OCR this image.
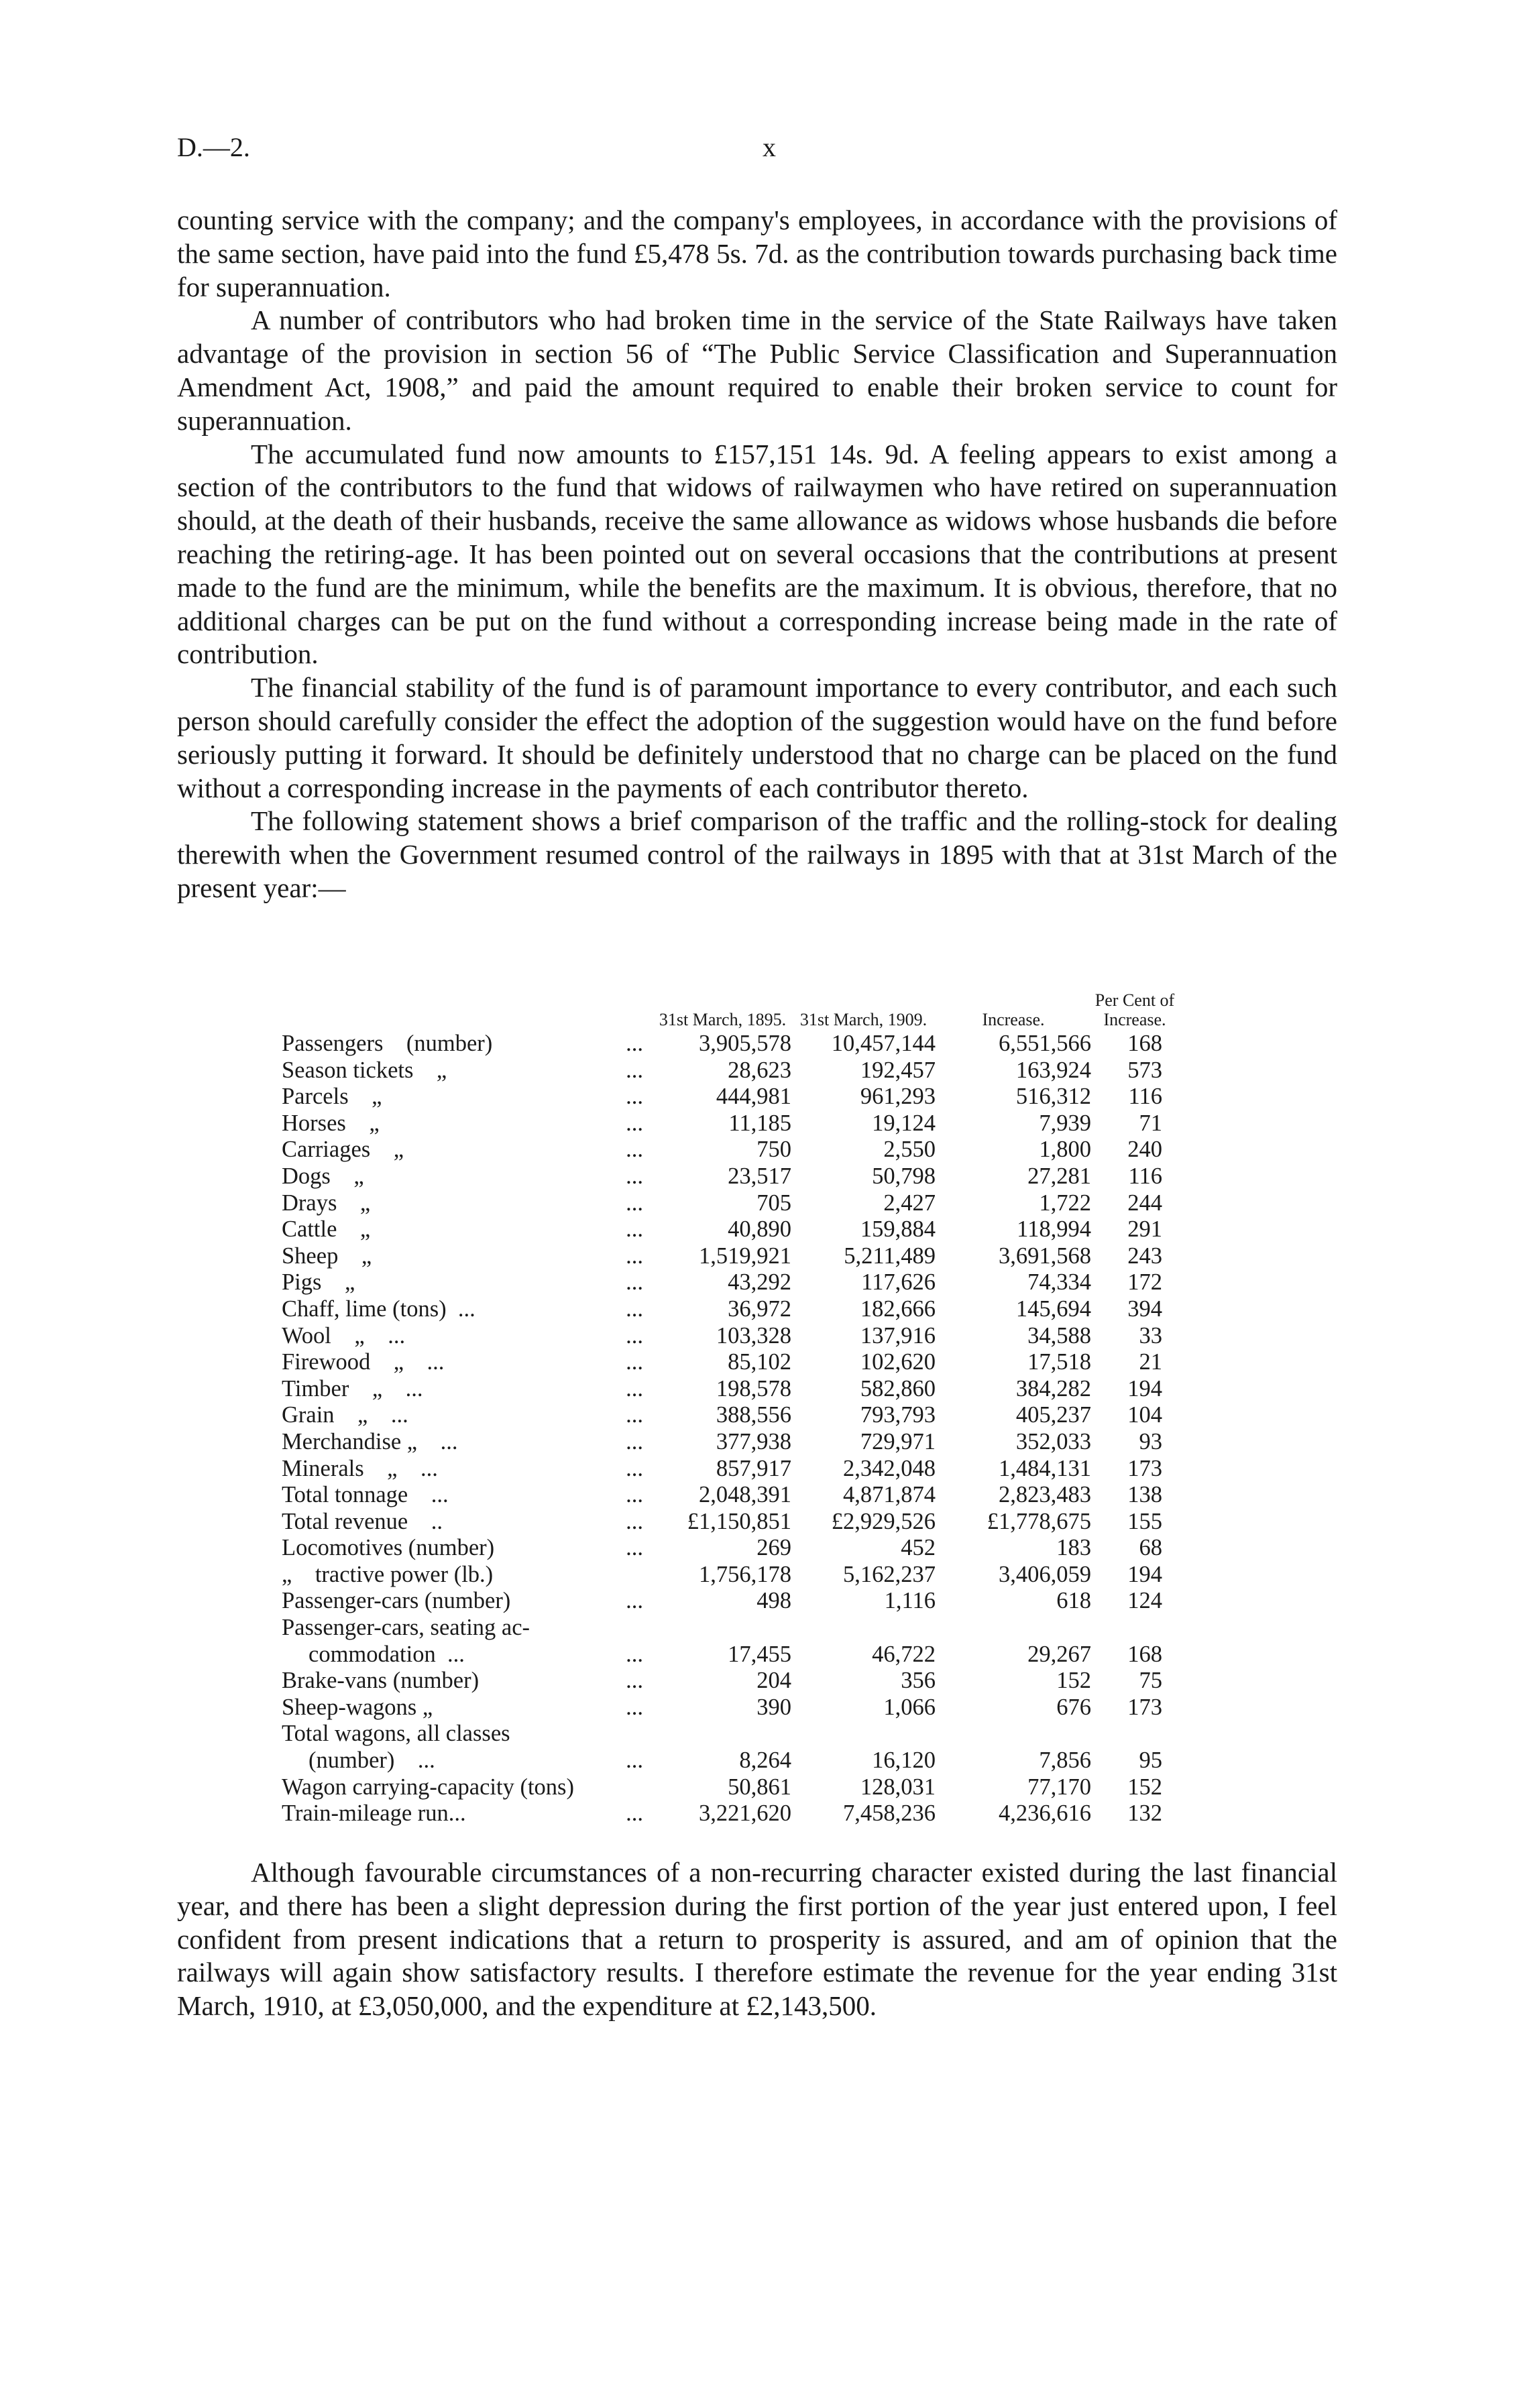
D.—2.	x

counting service with the company; and the company's employees, in accordance with the provisions of the same section, have paid into the fund £5,478 5s. 7d. as the contribution towards purchasing back time for superannuation.

A number of contributors who had broken time in the service of the State Railways have taken advantage of the provision in section 56 of “The Public Service Classification and Superannuation Amendment Act, 1908,” and paid the amount required to enable their broken service to count for superannuation.

The accumulated fund now amounts to £157,151 14s. 9d. A feeling appears to exist among a section of the contributors to the fund that widows of railwaymen who have retired on superannuation should, at the death of their husbands, receive the same allowance as widows whose husbands die before reaching the retiring-age. It has been pointed out on several occasions that the contributions at present made to the fund are the minimum, while the benefits are the maximum. It is obvious, therefore, that no additional charges can be put on the fund without a corresponding increase being made in the rate of contribution.

The financial stability of the fund is of paramount importance to every contributor, and each such person should carefully consider the effect the adoption of the suggestion would have on the fund before seriously putting it forward. It should be definitely understood that no charge can be placed on the fund without a corresponding increase in the payments of each contributor thereto.

The following statement shows a brief comparison of the traffic and the rolling-stock for dealing therewith when the Government resumed control of the railways in 1895 with that at 31st March of the present year:—

	31st March, 1895.	31st March, 1909.	Increase.	Per Cent of Increase.

Passengers    (number) ...	3,905,578	10,457,144	6,551,566	168

Season tickets    „ ...	28,623	192,457	163,924	573

Parcels    „ ...	444,981	961,293	516,312	116

Horses    „ ...	11,185	19,124	7,939	71

Carriages    „ ...	750	2,550	1,800	240

Dogs    „ ...	23,517	50,798	27,281	116

Drays    „ ...	705	2,427	1,722	244

Cattle    „ ...	40,890	159,884	118,994	291

Sheep    „ ...	1,519,921	5,211,489	3,691,568	243

Pigs    „ ...	43,292	117,626	74,334	172

Chaff, lime (tons)  ... ...	36,972	182,666	145,694	394

Wool    „    ... ...	103,328	137,916	34,588	33

Firewood    „    ... ...	85,102	102,620	17,518	21

Timber    „    ... ...	198,578	582,860	384,282	194

Grain    „    ... ...	388,556	793,793	405,237	104

Merchandise „    ... ...	377,938	729,971	352,033	93

Minerals    „    ... ...	857,917	2,342,048	1,484,131	173

Total tonnage    ... ...	2,048,391	4,871,874	2,823,483	138

Total revenue    .. ...	£1,150,851	£2,929,526	£1,778,675	155

Locomotives (number) ...	269	452	183	68

„    tractive power (lb.)	1,756,178	5,162,237	3,406,059	194

Passenger-cars (number) ...	498	1,116	618	124

Passenger-cars, seating ac-				

commodation  ... ...	17,455	46,722	29,267	168

Brake-vans (number) ...	204	356	152	75

Sheep-wagons „ ...	390	1,066	676	173

Total wagons, all classes				

(number)    ... ...	8,264	16,120	7,856	95

Wagon carrying-capacity (tons)	50,861	128,031	77,170	152

Train-mileage run... ...	3,221,620	7,458,236	4,236,616	132

Although favourable circumstances of a non-recurring character existed during the last financial year, and there has been a slight depression during the first portion of the year just entered upon, I feel confident from present indications that a return to prosperity is assured, and am of opinion that the railways will again show satisfactory results. I therefore estimate the revenue for the year ending 31st March, 1910, at £3,050,000, and the expenditure at £2,143,500.
